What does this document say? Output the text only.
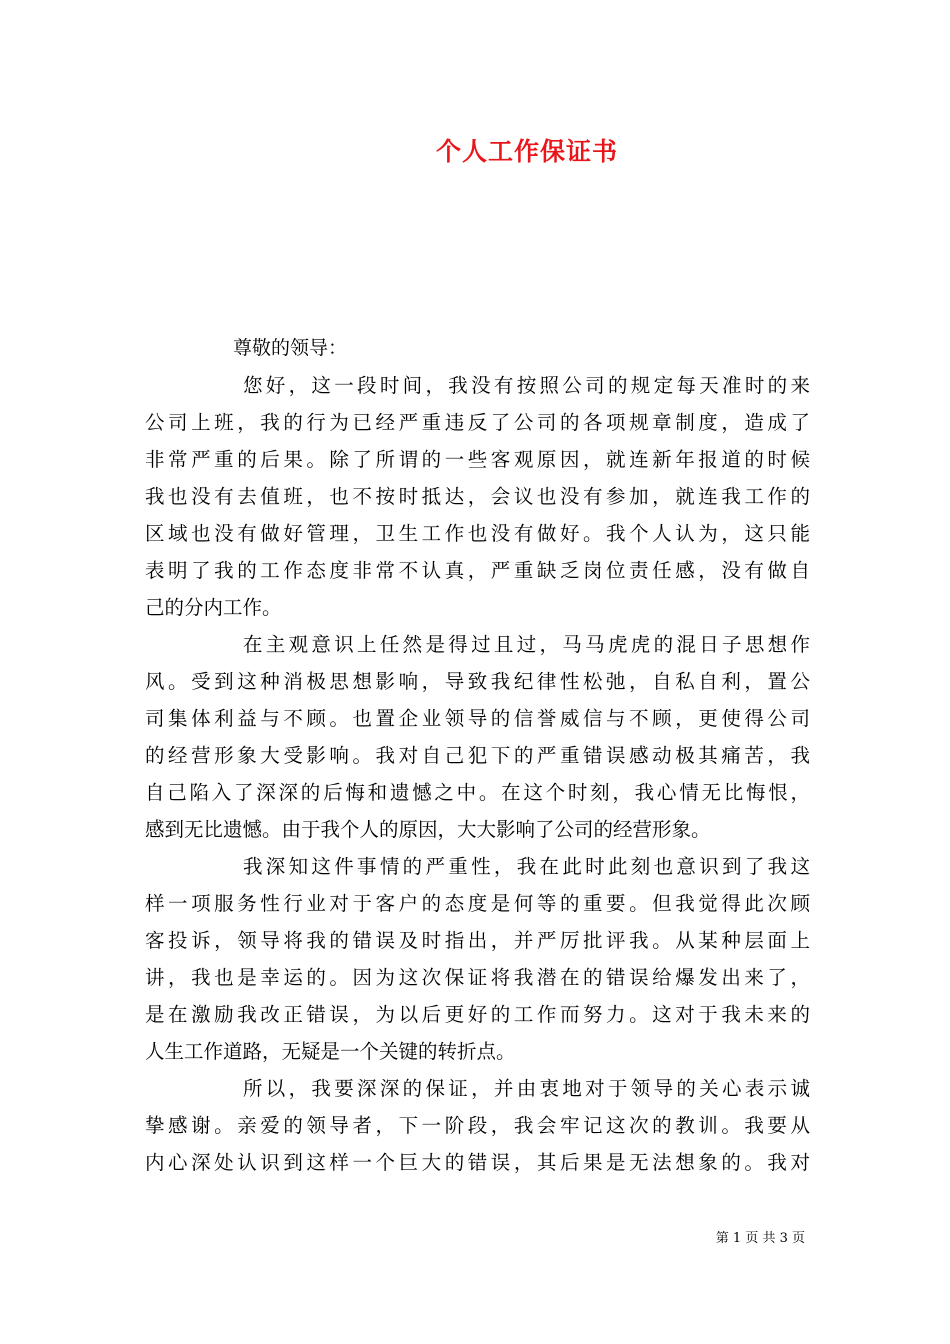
个人工作保证书
尊敬的领导：
您好，这一段时间，我没有按照公司的规定每天准时的来
公司上班，我的行为已经严重违反了公司的各项规章制度，造成了
非常严重的后果。除了所谓的一些客观原因，就连新年报道的时候
我也没有去值班，也不按时抵达，会议也没有参加，就连我工作的
区域也没有做好管理，卫生工作也没有做好。我个人认为，这只能
表明了我的工作态度非常不认真，严重缺乏岗位责任感，没有做自
己的分内工作。
在主观意识上任然是得过且过，马马虎虎的混日子思想作
风。受到这种消极思想影响，导致我纪律性松弛，自私自利，置公
司集体利益与不顾。也置企业领导的信誉威信与不顾，更使得公司
的经营形象大受影响。我对自己犯下的严重错误感动极其痛苦，我
自己陷入了深深的后悔和遗憾之中。在这个时刻，我心情无比悔恨，
感到无比遗憾。由于我个人的原因，大大影响了公司的经营形象。
我深知这件事情的严重性，我在此时此刻也意识到了我这
样一项服务性行业对于客户的态度是何等的重要。但我觉得此次顾
客投诉，领导将我的错误及时指出，并严厉批评我。从某种层面上
讲，我也是幸运的。因为这次保证将我潜在的错误给爆发出来了，
是在激励我改正错误，为以后更好的工作而努力。这对于我未来的
人生工作道路，无疑是一个关键的转折点。
所以，我要深深的保证，并由衷地对于领导的关心表示诚
挚感谢。亲爱的领导者，下一阶段，我会牢记这次的教训。我要从
内心深处认识到这样一个巨大的错误，其后果是无法想象的。我对
第 1 页 共 3 页
